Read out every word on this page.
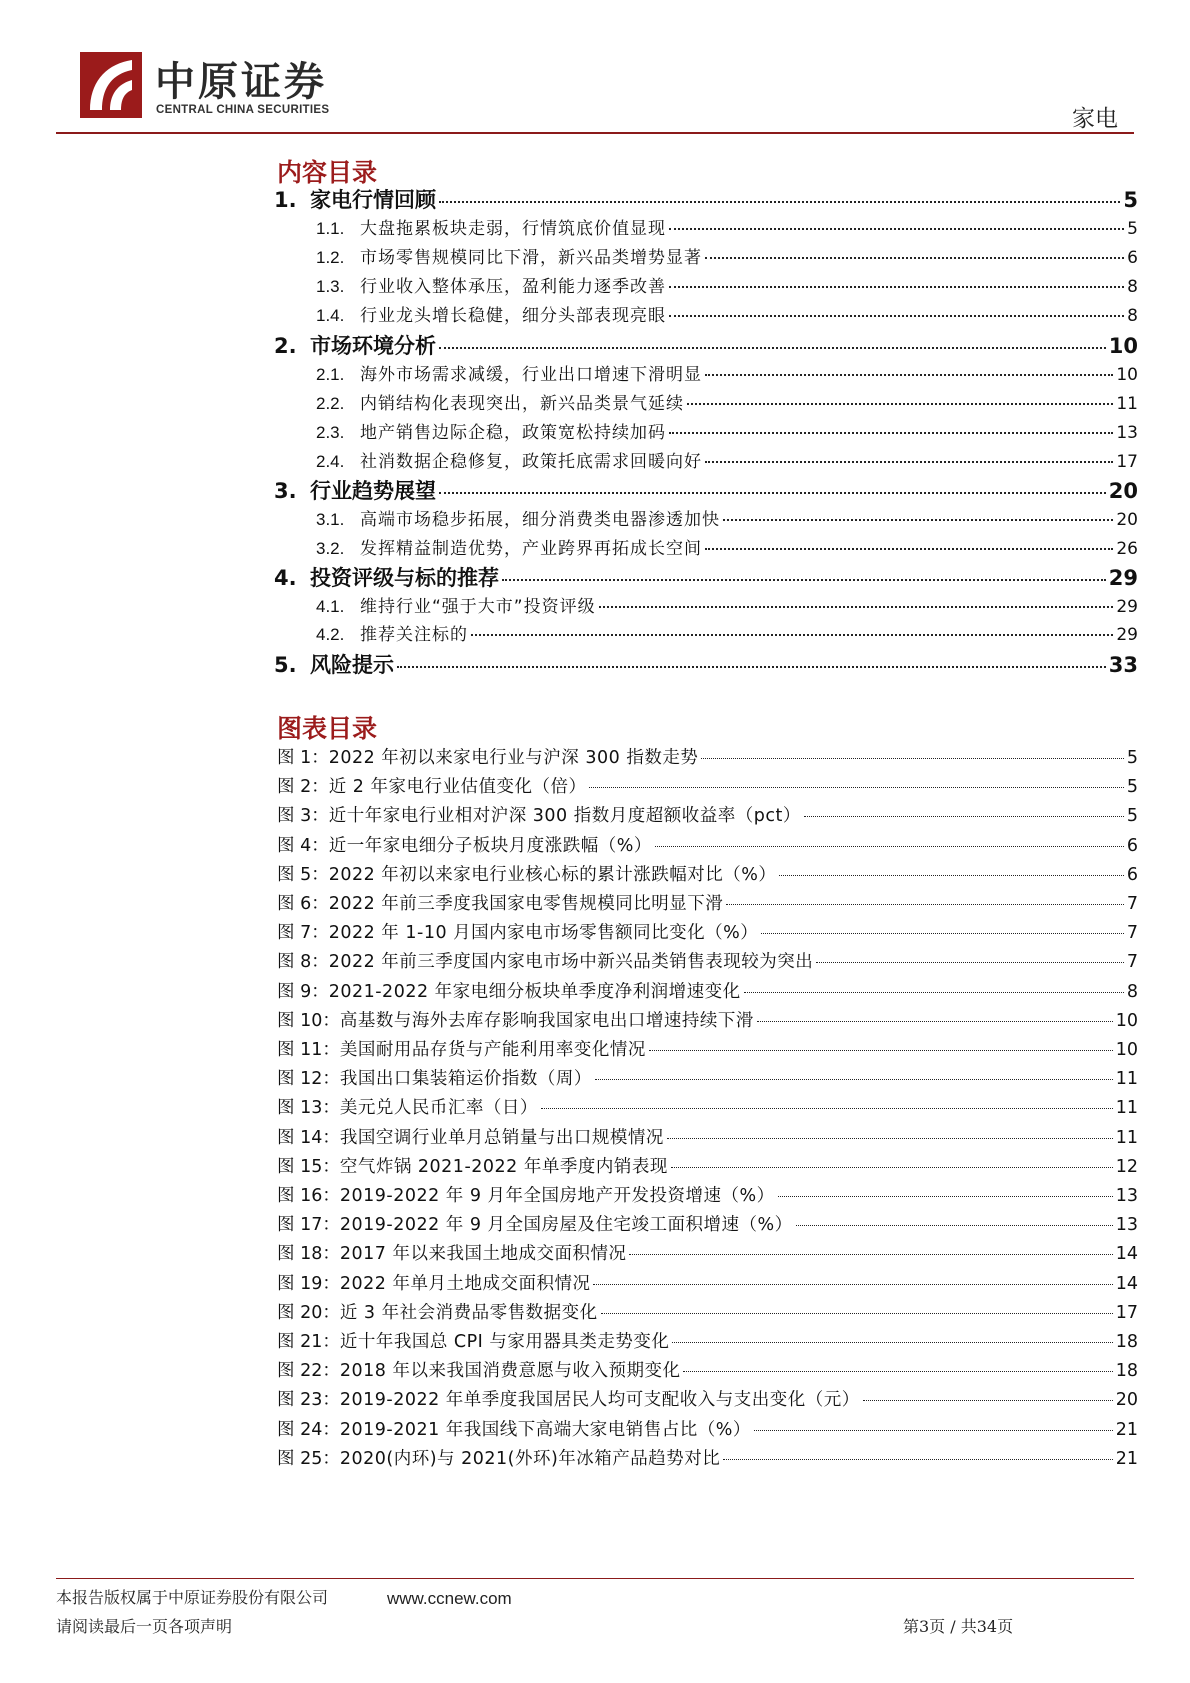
中原证券
CENTRAL CHINA SECURITIES	家电
内容目录
1. 家电行情回顾	5
1.1. 大盘拖累板块走弱，行情筑底价值显现	5
1.2. 市场零售规模同比下滑，新兴品类增势显著	6
1.3. 行业收入整体承压，盈利能力逐季改善	8
1.4. 行业龙头增长稳健，细分头部表现亮眼	8
2. 市场环境分析	10
2.1. 海外市场需求减缓，行业出口增速下滑明显	10
2.2. 内销结构化表现突出，新兴品类景气延续	11
2.3. 地产销售边际企稳，政策宽松持续加码	13
2.4. 社消数据企稳修复，政策托底需求回暖向好	17
3. 行业趋势展望	20
3.1. 高端市场稳步拓展，细分消费类电器渗透加快	20
3.2. 发挥精益制造优势，产业跨界再拓成长空间	26
4. 投资评级与标的推荐	29
4.1. 维持行业“强于大市”投资评级	29
4.2. 推荐关注标的	29
5. 风险提示	33
图表目录
图 1： 2022 年初以来家电行业与沪深 300 指数走势	5
图 2： 近 2 年家电行业估值变化（倍）	5
图 3： 近十年家电行业相对沪深 300 指数月度超额收益率（pct）	5
图 4： 近一年家电细分子板块月度涨跌幅（%）	6
图 5： 2022 年初以来家电行业核心标的累计涨跌幅对比（%）	6
图 6： 2022 年前三季度我国家电零售规模同比明显下滑	7
图 7： 2022 年 1-10 月国内家电市场零售额同比变化（%）	7
图 8： 2022 年前三季度国内家电市场中新兴品类销售表现较为突出	7
图 9： 2021-2022 年家电细分板块单季度净利润增速变化	8
图 10： 高基数与海外去库存影响我国家电出口增速持续下滑	10
图 11： 美国耐用品存货与产能利用率变化情况	10
图 12： 我国出口集装箱运价指数（周）	11
图 13： 美元兑人民币汇率（日）	11
图 14： 我国空调行业单月总销量与出口规模情况	11
图 15： 空气炸锅 2021-2022 年单季度内销表现	12
图 16： 2019-2022 年 9 月年全国房地产开发投资增速（%）	13
图 17： 2019-2022 年 9 月全国房屋及住宅竣工面积增速（%）	13
图 18： 2017 年以来我国土地成交面积情况	14
图 19： 2022 年单月土地成交面积情况	14
图 20： 近 3 年社会消费品零售数据变化	17
图 21： 近十年我国总 CPI 与家用器具类走势变化	18
图 22： 2018 年以来我国消费意愿与收入预期变化	18
图 23： 2019-2022 年单季度我国居民人均可支配收入与支出变化（元）	20
图 24： 2019-2021 年我国线下高端大家电销售占比（%）	21
图 25： 2020(内环)与 2021(外环)年冰箱产品趋势对比	21
本报告版权属于中原证券股份有限公司	www.ccnew.com
请阅读最后一页各项声明	第3页 / 共34页
